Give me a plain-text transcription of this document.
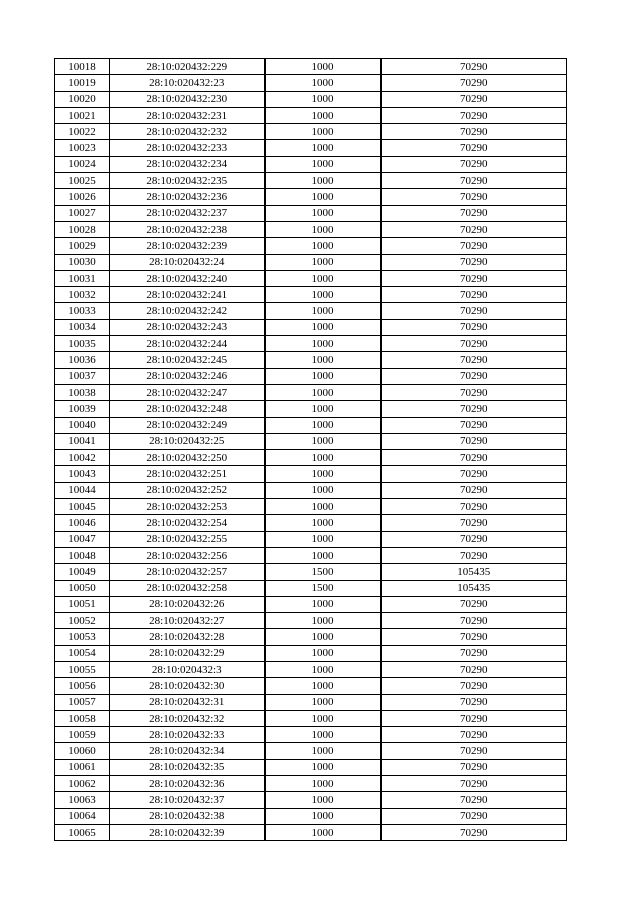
10018	28:10:020432:229	1000	70290
10019	28:10:020432:23	1000	70290
10020	28:10:020432:230	1000	70290
10021	28:10:020432:231	1000	70290
10022	28:10:020432:232	1000	70290
10023	28:10:020432:233	1000	70290
10024	28:10:020432:234	1000	70290
10025	28:10:020432:235	1000	70290
10026	28:10:020432:236	1000	70290
10027	28:10:020432:237	1000	70290
10028	28:10:020432:238	1000	70290
10029	28:10:020432:239	1000	70290
10030	28:10:020432:24	1000	70290
10031	28:10:020432:240	1000	70290
10032	28:10:020432:241	1000	70290
10033	28:10:020432:242	1000	70290
10034	28:10:020432:243	1000	70290
10035	28:10:020432:244	1000	70290
10036	28:10:020432:245	1000	70290
10037	28:10:020432:246	1000	70290
10038	28:10:020432:247	1000	70290
10039	28:10:020432:248	1000	70290
10040	28:10:020432:249	1000	70290
10041	28:10:020432:25	1000	70290
10042	28:10:020432:250	1000	70290
10043	28:10:020432:251	1000	70290
10044	28:10:020432:252	1000	70290
10045	28:10:020432:253	1000	70290
10046	28:10:020432:254	1000	70290
10047	28:10:020432:255	1000	70290
10048	28:10:020432:256	1000	70290
10049	28:10:020432:257	1500	105435
10050	28:10:020432:258	1500	105435
10051	28:10:020432:26	1000	70290
10052	28:10:020432:27	1000	70290
10053	28:10:020432:28	1000	70290
10054	28:10:020432:29	1000	70290
10055	28:10:020432:3	1000	70290
10056	28:10:020432:30	1000	70290
10057	28:10:020432:31	1000	70290
10058	28:10:020432:32	1000	70290
10059	28:10:020432:33	1000	70290
10060	28:10:020432:34	1000	70290
10061	28:10:020432:35	1000	70290
10062	28:10:020432:36	1000	70290
10063	28:10:020432:37	1000	70290
10064	28:10:020432:38	1000	70290
10065	28:10:020432:39	1000	70290
